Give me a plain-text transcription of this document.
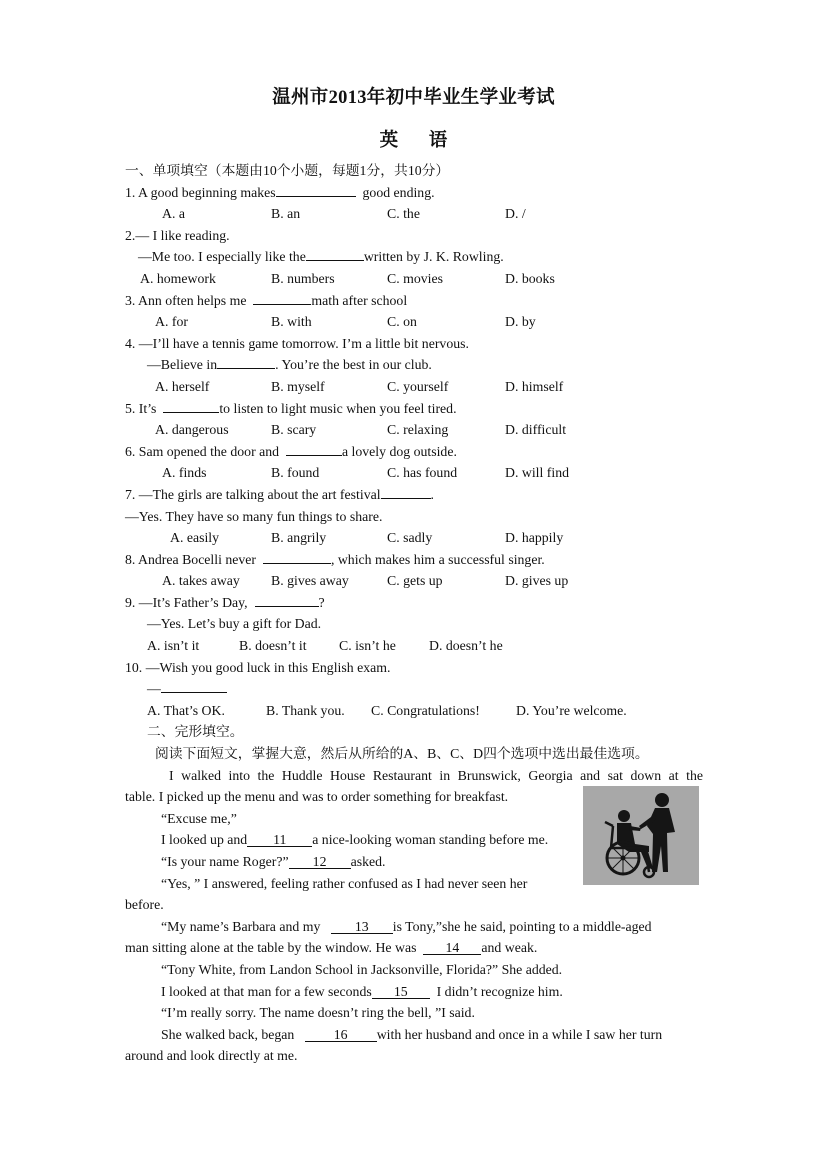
温州市2013年初中毕业生学业考试
英 语
一、单项填空（本题由10个小题，每题1分，共10分）
1. A good beginning makes	good ending.
A. a	B. an	C. the	D. /
2.— I like reading.
—Me too. I especially like the	written by J. K. Rowling.
A. homework	B. numbers	C. movies	D. books
3. Ann often helps me	math after school
A. for	B. with	C. on	D. by
4. —I’ll have a tennis game tomorrow. I’m a little bit nervous.
—Believe in	. You’re the best in our club.
A. herself	B. myself	C. yourself	D. himself
5. It’s	to listen to light music when you feel tired.
A. dangerous	B. scary	C. relaxing	D. difficult
6. Sam opened the door and	a lovely dog outside.
A. finds	B. found	C. has found	D. will find
7. —The girls are talking about the art festival	.
—Yes. They have so many fun things to share.
A. easily	B. angrily	C. sadly	D. happily
8. Andrea Bocelli never	, which makes him a successful singer.
A. takes away B. gives away	C. gets up	D. gives up
9. —It’s Father’s Day,	?
—Yes. Let’s buy a gift for Dad.
A. isn’t it	B. doesn’t it C. isn’t he D. doesn’t he
10. —Wish you good luck in this English exam.
—
A. That’s OK.	B. Thank you. C. Congratulations!	D. You’re welcome.
二、完形填空。
阅读下面短文，掌握大意，然后从所给的A、B、C、D四个选项中选出最佳选项。
I walked into the Huddle House Restaurant in Brunswick, Georgia and sat down at the
table. I picked up the menu and was to order something for breakfast.
“Excuse me,”
I looked up and 11 a nice-looking woman standing before me.
“Is your name Roger?” 12 asked.
“Yes, ” I answered, feeling rather confused as I had never seen her
before.
“My name’s Barbara and my 13 is Tony,”she he said, pointing to a middle-aged
man sitting alone at the table by the window. He was 14 and weak.
“Tony White, from Landon School in Jacksonville, Florida?” She added.
I looked at that man for a few seconds 15 I didn’t recognize him.
“I’m really sorry. The name doesn’t ring the bell, ”I said.
She walked back, began	16 with her husband and once in a while I saw her turn
around and look directly at me.
